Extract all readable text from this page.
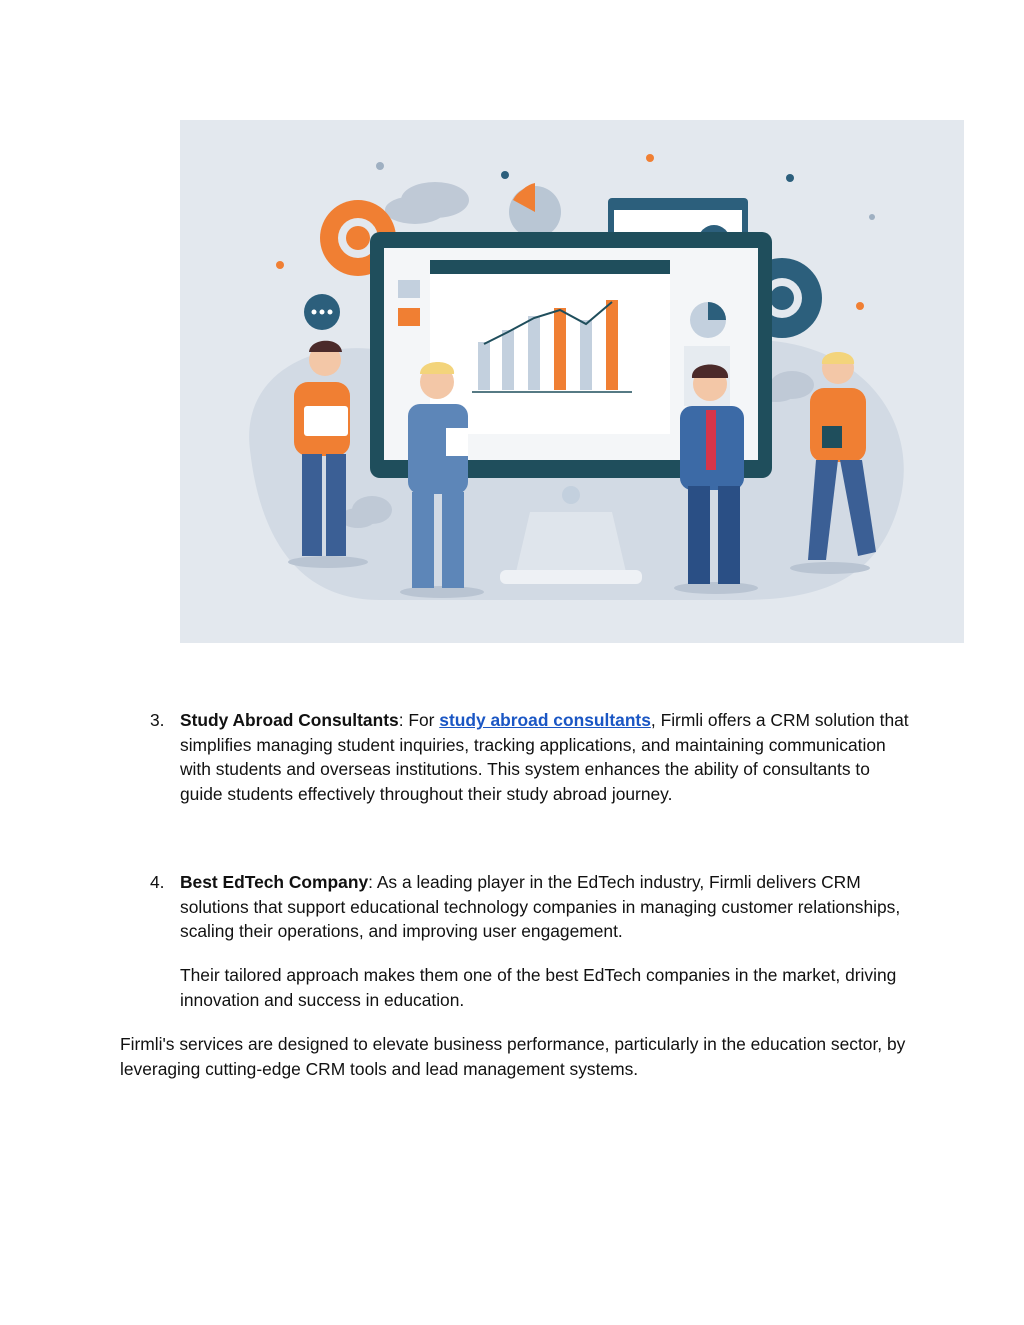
3. Study Abroad Consultants: For study abroad consultants, Firmli offers a CRM solution that simplifies managing student inquiries, tracking applications, and maintaining communication with students and overseas institutions. This system enhances the ability of consultants to guide students effectively throughout their study abroad journey.
4. Best EdTech Company: As a leading player in the EdTech industry, Firmli delivers CRM solutions that support educational technology companies in managing customer relationships, scaling their operations, and improving user engagement.
Their tailored approach makes them one of the best EdTech companies in the market, driving innovation and success in education.
Firmli's services are designed to elevate business performance, particularly in the education sector, by leveraging cutting-edge CRM tools and lead management systems.
